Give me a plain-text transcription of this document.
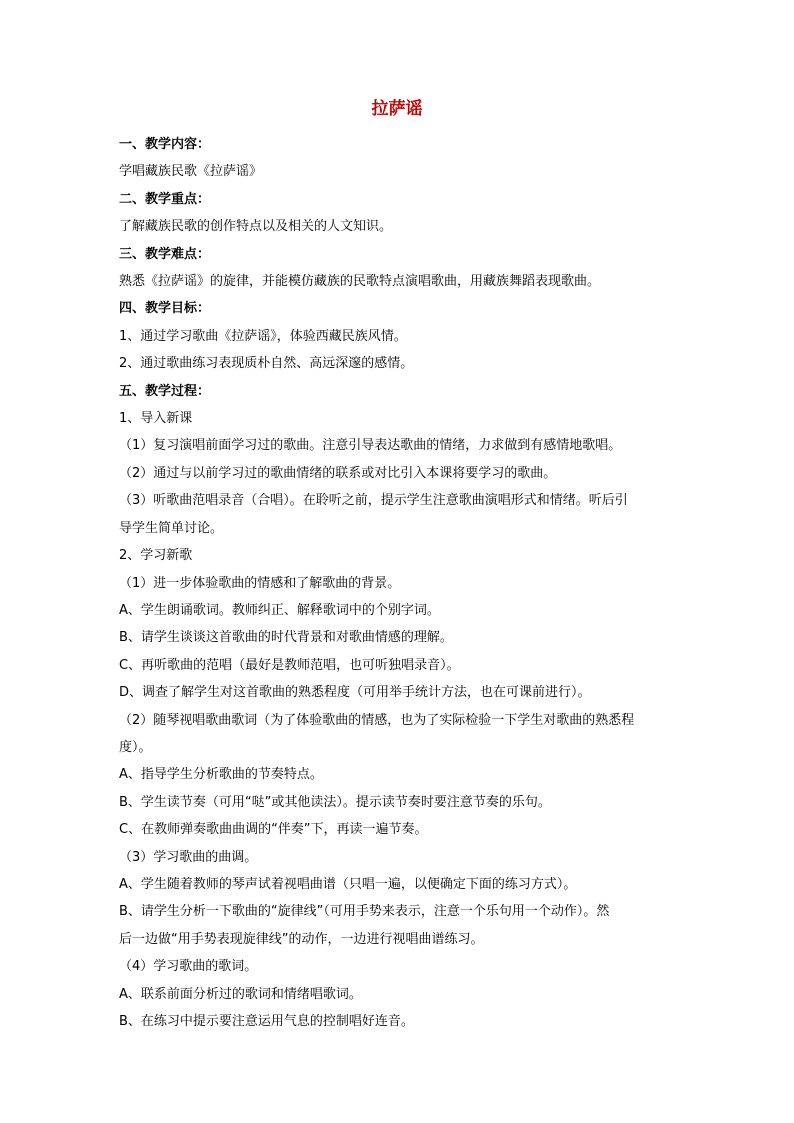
拉萨谣
一、教学内容：
学唱藏族民歌《拉萨谣》
二、教学重点：
了解藏族民歌的创作特点以及相关的人文知识。
三、教学难点：
熟悉《拉萨谣》的旋律，并能模仿藏族的民歌特点演唱歌曲，用藏族舞蹈表现歌曲。
四、教学目标：
1、通过学习歌曲《拉萨谣》，体验西藏民族风情。
2、通过歌曲练习表现质朴自然、高远深邃的感情。
五、教学过程：
1、导入新课
（1）复习演唱前面学习过的歌曲。注意引导表达歌曲的情绪，力求做到有感情地歌唱。
（2）通过与以前学习过的歌曲情绪的联系或对比引入本课将要学习的歌曲。
（3）听歌曲范唱录音（合唱）。在聆听之前，提示学生注意歌曲演唱形式和情绪。听后引
导学生简单讨论。
2、学习新歌
（1）进一步体验歌曲的情感和了解歌曲的背景。
A、学生朗诵歌词。教师纠正、解释歌词中的个别字词。
B、请学生谈谈这首歌曲的时代背景和对歌曲情感的理解。
C、再听歌曲的范唱（最好是教师范唱，也可听独唱录音）。
D、调查了解学生对这首歌曲的熟悉程度（可用举手统计方法，也在可课前进行）。
（2）随琴视唱歌曲歌词（为了体验歌曲的情感，也为了实际检验一下学生对歌曲的熟悉程
度）。
A、指导学生分析歌曲的节奏特点。
B、学生读节奏（可用“哒”或其他读法）。提示读节奏时要注意节奏的乐句。
C、在教师弹奏歌曲曲调的“伴奏”下，再读一遍节奏。
（3）学习歌曲的曲调。
A、学生随着教师的琴声试着视唱曲谱（只唱一遍，以便确定下面的练习方式）。
B、请学生分析一下歌曲的“旋律线”（可用手势来表示，注意一个乐句用一个动作）。然
后一边做“用手势表现旋律线”的动作，一边进行视唱曲谱练习。
（4）学习歌曲的歌词。
A、联系前面分析过的歌词和情绪唱歌词。
B、在练习中提示要注意运用气息的控制唱好连音。
